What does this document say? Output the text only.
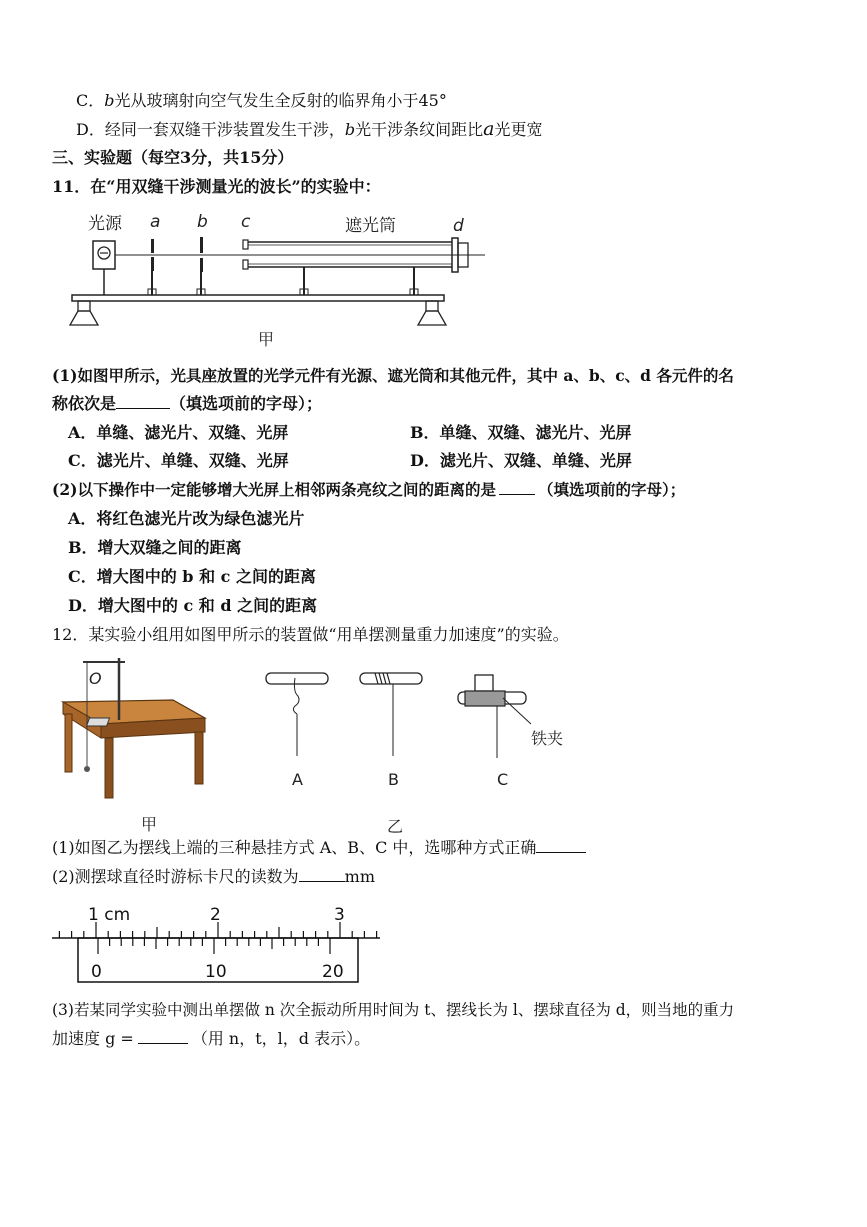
C．b光从玻璃射向空气发生全反射的临界角小于45°
D．经同一套双缝干涉装置发生干涉，b光干涉条纹间距比a光更宽
三、实验题（每空3分，共15分）
11．在“用双缝干涉测量光的波长”的实验中：
光源 a b c	遮光筒	d
甲
(1)如图甲所示，光具座放置的光学元件有光源、遮光筒和其他元件，其中 a、b、c、d 各元件的名
称依次是	（填选项前的字母）；
A．单缝、滤光片、双缝、光屏	B．单缝、双缝、滤光片、光屏
C．滤光片、单缝、双缝、光屏	D．滤光片、双缝、单缝、光屏
(2)以下操作中一定能够增大光屏上相邻两条亮纹之间的距离的是	（填选项前的字母）；
A．将红色滤光片改为绿色滤光片
B．增大双缝之间的距离
C．增大图中的 b 和 c 之间的距离
D．增大图中的 c 和 d 之间的距离
12．某实验小组用如图甲所示的装置做“用单摆测量重力加速度”的实验。
O
甲
A	B
铁夹
C
乙
(1)如图乙为摆线上端的三种悬挂方式 A、B、C 中，选哪种方式正确
(2)测摆球直径时游标卡尺的读数为	mm
1 cm	2	3
0	10	20
(3)若某同学实验中测出单摆做 n 次全振动所用时间为 t、摆线长为 l、摆球直径为 d，则当地的重力
加速度 g =	（用 n，t，l，d 表示）。
